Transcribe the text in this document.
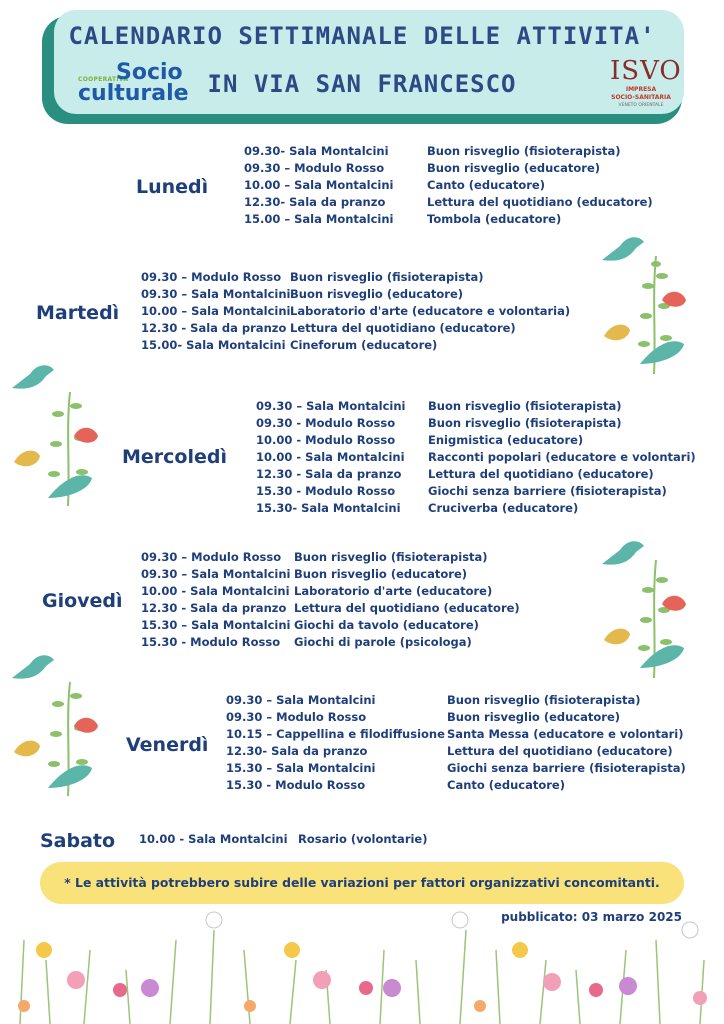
CALENDARIO SETTIMANALE DELLE ATTIVITA'
IN VIA SAN FRANCESCO
COOPERATIVA
Socio
culturale
ISVO
IMPRESA
SOCIO-SANITARIA
VENETO ORIENTALE
Lunedì
09.30- Sala Montalcini	Buon risveglio (fisioterapista)
09.30 – Modulo Rosso	Buon risveglio (educatore)
10.00 – Sala Montalcini	Canto (educatore)
12.30- Sala da pranzo	Lettura del quotidiano (educatore)
15.00 – Sala Montalcini	Tombola (educatore)
Martedì
09.30 – Modulo Rosso Buon risveglio (fisioterapista)
09.30 – Sala Montalcini Buon risveglio (educatore)
10.00 – Sala Montalcini Laboratorio d'arte (educatore e volontaria)
12.30 - Sala da pranzo Lettura del quotidiano (educatore)
15.00- Sala Montalcini Cineforum (educatore)
Mercoledì
09.30 – Sala Montalcini Buon risveglio (fisioterapista)
09.30 - Modulo Rosso	Buon risveglio (fisioterapista)
10.00 - Modulo Rosso	Enigmistica (educatore)
10.00 - Sala Montalcini Racconti popolari (educatore e volontari)
12.30 - Sala da pranzo Lettura del quotidiano (educatore)
15.30 - Modulo Rosso	Giochi senza barriere (fisioterapista)
15.30- Sala Montalcini Cruciverba (educatore)
Giovedì
09.30 – Modulo Rosso Buon risveglio (fisioterapista)
09.30 – Sala Montalcini Buon risveglio (educatore)
10.00 - Sala Montalcini Laboratorio d'arte (educatore)
12.30 - Sala da pranzo Lettura del quotidiano (educatore)
15.30 – Sala Montalcini Giochi da tavolo (educatore)
15.30 - Modulo Rosso Giochi di parole (psicologa)
Venerdì
09.30 – Sala Montalcini	Buon risveglio (fisioterapista)
09.30 – Modulo Rosso	Buon risveglio (educatore)
10.15 – Cappellina e filodiffusione Santa Messa (educatore e volontari)
12.30- Sala da pranzo	Lettura del quotidiano (educatore)
15.30 – Sala Montalcini	Giochi senza barriere (fisioterapista)
15.30 - Modulo Rosso	Canto (educatore)
Sabato 10.00 - Sala Montalcini Rosario (volontarie)
* Le attività potrebbero subire delle variazioni per fattori organizzativi concomitanti.
pubblicato: 03 marzo 2025
